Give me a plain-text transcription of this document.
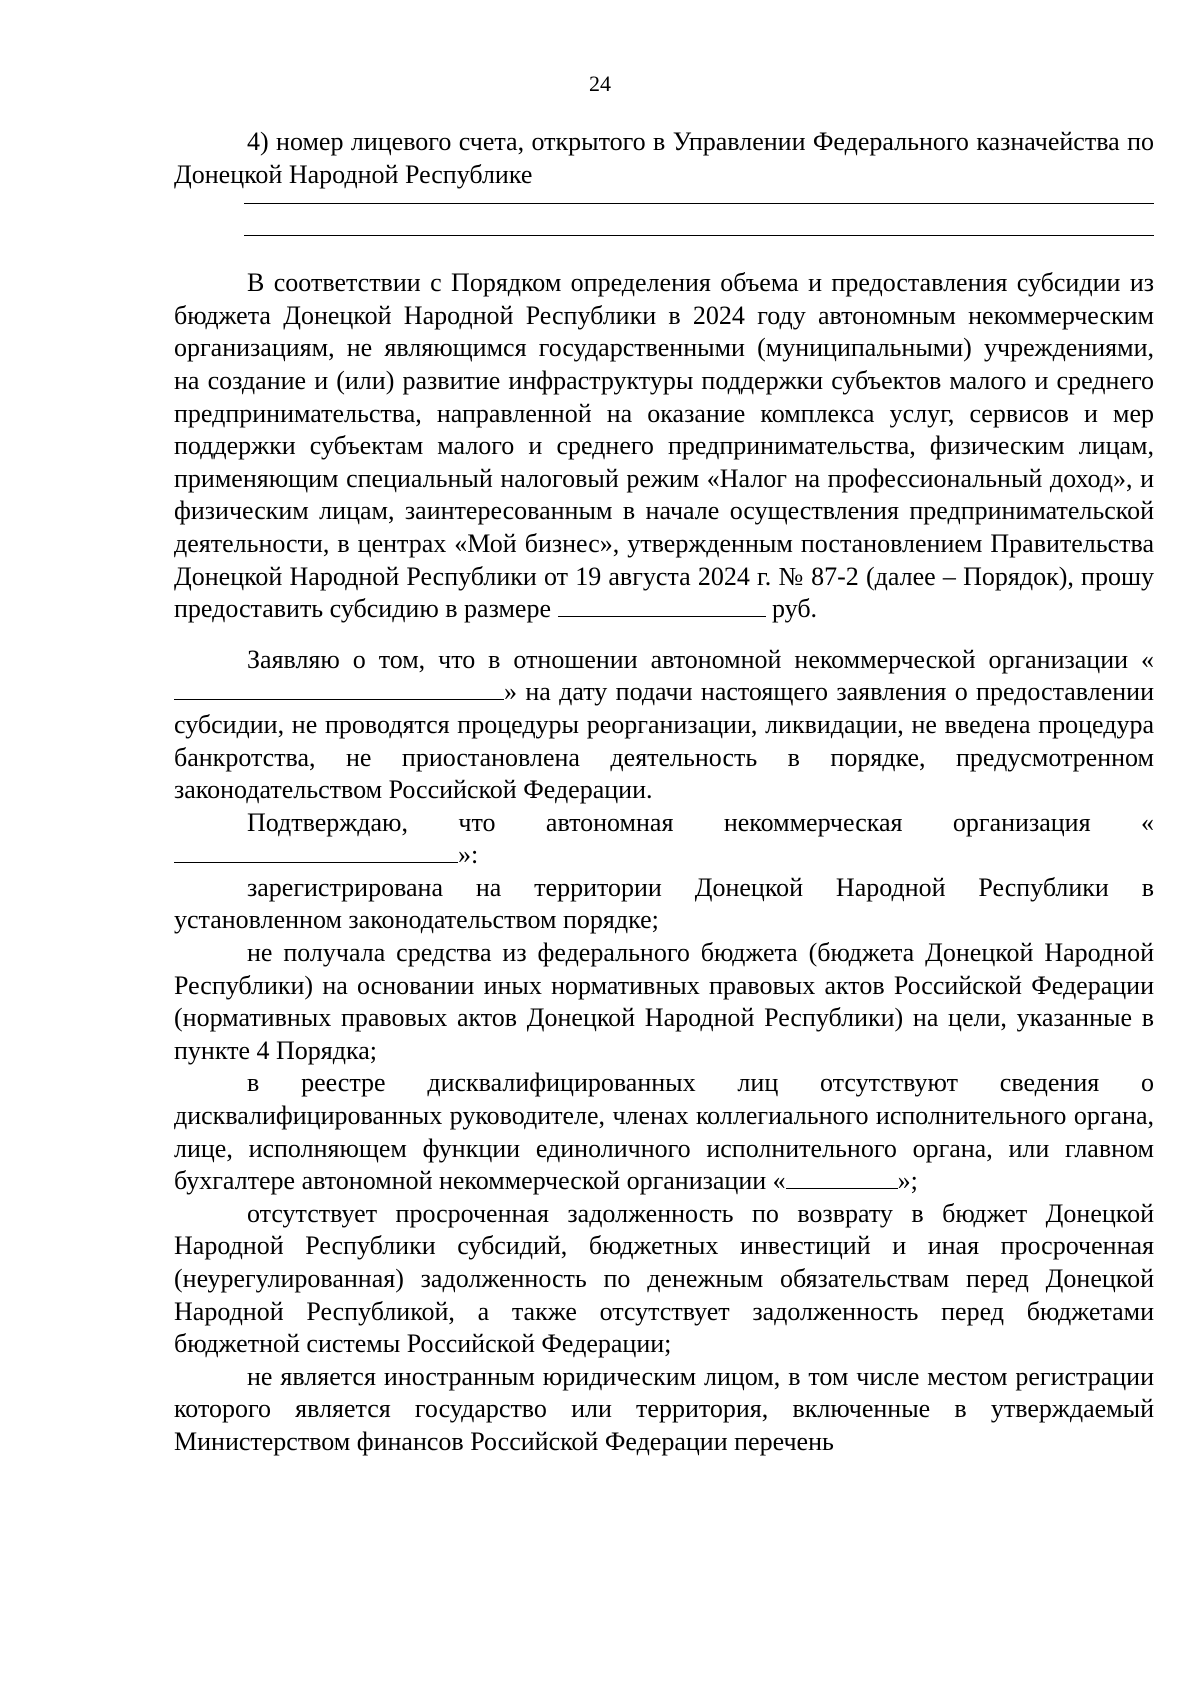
24

4) номер лицевого счета, открытого в Управлении Федерального казначейства по Донецкой Народной Республике

В соответствии с Порядком определения объема и предоставления субсидии из бюджета Донецкой Народной Республики в 2024 году автономным некоммерческим организациям, не являющимся государственными (муниципальными) учреждениями, на создание и (или) развитие инфраструктуры поддержки субъектов малого и среднего предпринимательства, направленной на оказание комплекса услуг, сервисов и мер поддержки субъектам малого и среднего предпринимательства, физическим лицам, применяющим специальный налоговый режим «Налог на профессиональный доход», и физическим лицам, заинтересованным в начале осуществления предпринимательской деятельности, в центрах «Мой бизнес», утвержденным постановлением Правительства Донецкой Народной Республики от 19 августа 2024 г. № 87-2 (далее – Порядок), прошу предоставить субсидию в размере	руб.

Заявляю о том, что в отношении автономной некоммерческой организации «» на дату подачи настоящего заявления о предоставлении субсидии, не проводятся процедуры реорганизации, ликвидации, не введена процедура банкротства, не приостановлена деятельность в порядке, предусмотренном законодательством Российской Федерации.

Подтверждаю, что автономная некоммерческая организация «»:

зарегистрирована на территории Донецкой Народной Республики в установленном законодательством порядке;

не получала средства из федерального бюджета (бюджета Донецкой Народной Республики) на основании иных нормативных правовых актов Российской Федерации (нормативных правовых актов Донецкой Народной Республики) на цели, указанные в пункте 4 Порядка;

в реестре дисквалифицированных лиц отсутствуют сведения о дисквалифицированных руководителе, членах коллегиального исполнительного органа, лице, исполняющем функции единоличного исполнительного органа, или главном бухгалтере автономной некоммерческой организации «	»;

отсутствует просроченная задолженность по возврату в бюджет Донецкой Народной Республики субсидий, бюджетных инвестиций и иная просроченная (неурегулированная) задолженность по денежным обязательствам перед Донецкой Народной Республикой, а также отсутствует задолженность перед бюджетами бюджетной системы Российской Федерации;

не является иностранным юридическим лицом, в том числе местом регистрации которого является государство или территория, включенные в утверждаемый Министерством финансов Российской Федерации перечень
